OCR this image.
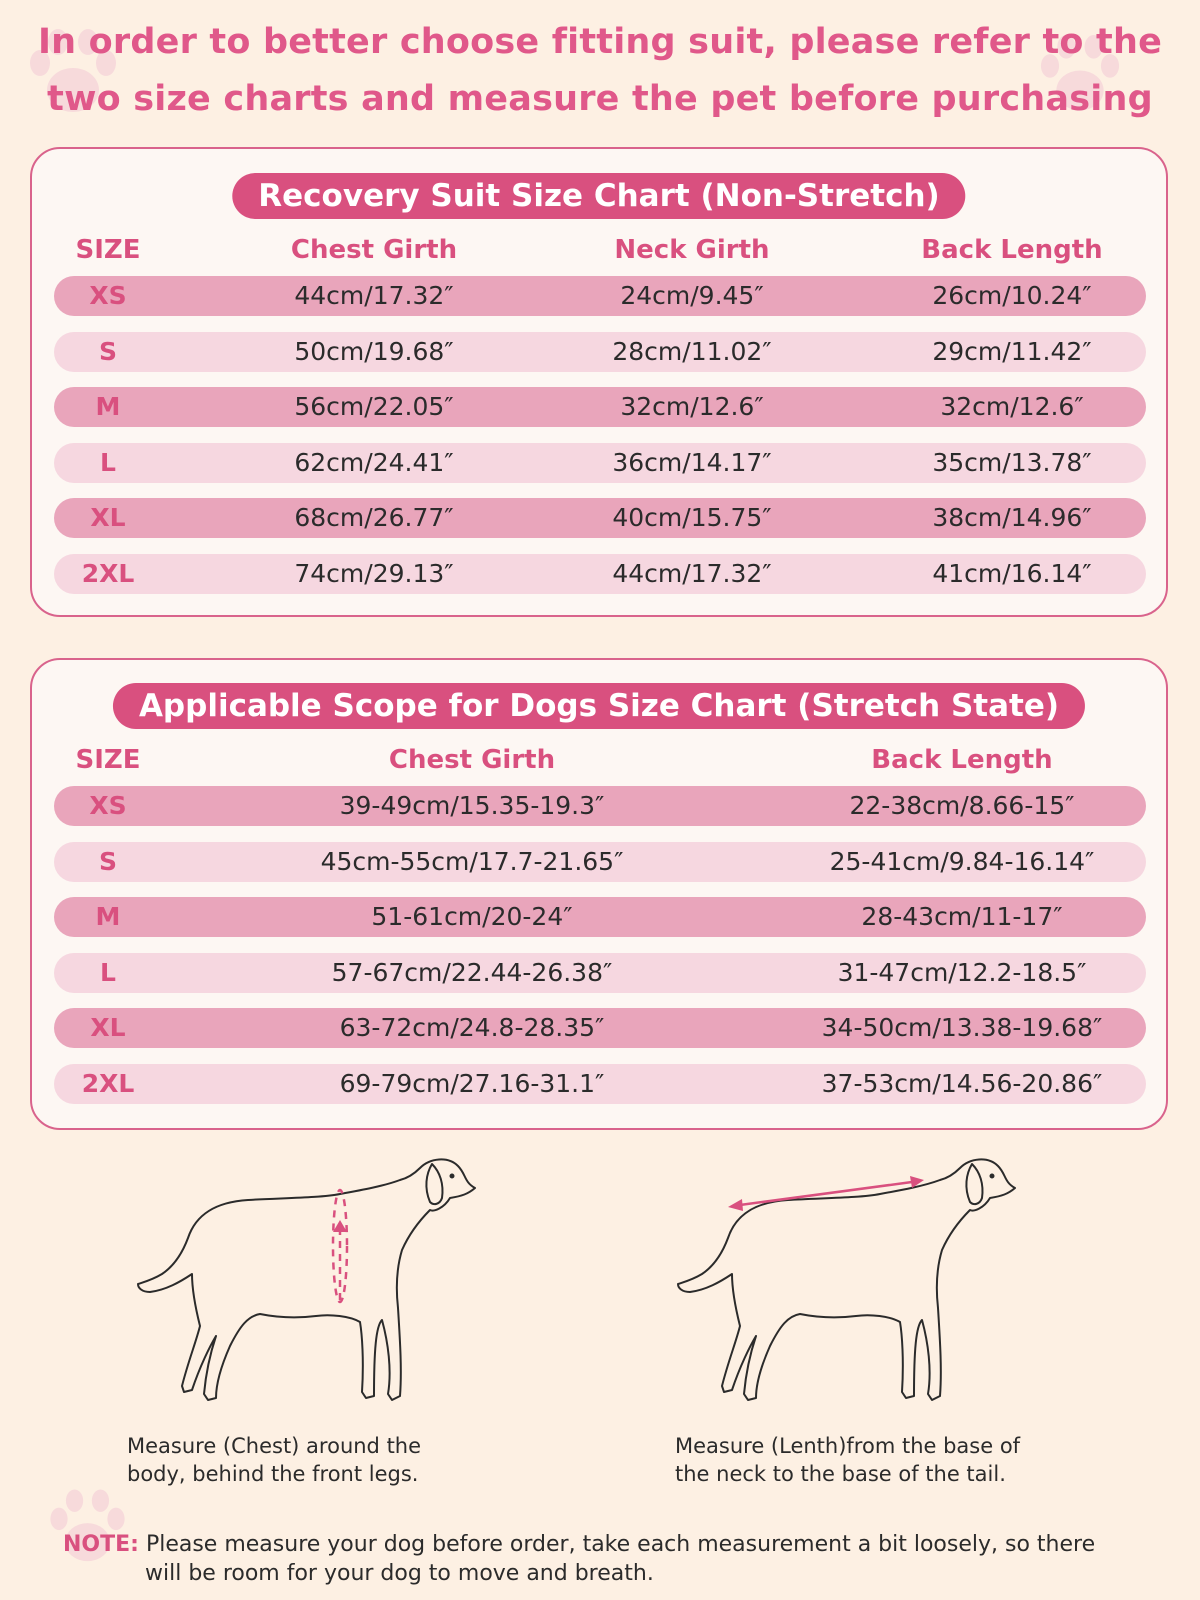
In order to better choose fitting suit, please refer to the
two size charts and measure the pet before purchasing
Recovery Suit Size Chart (Non-Stretch)
SIZE	Chest Girth	Neck Girth	Back Length
XS	44cm/17.32″	24cm/9.45″	26cm/10.24″
S	50cm/19.68″	28cm/11.02″	29cm/11.42″
M	56cm/22.05″	32cm/12.6″	32cm/12.6″
L	62cm/24.41″	36cm/14.17″	35cm/13.78″
XL	68cm/26.77″	40cm/15.75″	38cm/14.96″
2XL	74cm/29.13″	44cm/17.32″	41cm/16.14″
Applicable Scope for Dogs Size Chart (Stretch State)
SIZE	Chest Girth	Back Length
XS	39-49cm/15.35-19.3″	22-38cm/8.66-15″
S	45cm-55cm/17.7-21.65″	25-41cm/9.84-16.14″
M	51-61cm/20-24″	28-43cm/11-17″
L	57-67cm/22.44-26.38″	31-47cm/12.2-18.5″
XL	63-72cm/24.8-28.35″	34-50cm/13.38-19.68″
2XL	69-79cm/27.16-31.1″	37-53cm/14.56-20.86″
Measure (Chest) around the
body, behind the front legs.
Measure (Lenth)from the base of
the neck to the base of the tail.
NOTE: Please measure your dog before order, take each measurement a bit loosely, so there
will be room for your dog to move and breath.
